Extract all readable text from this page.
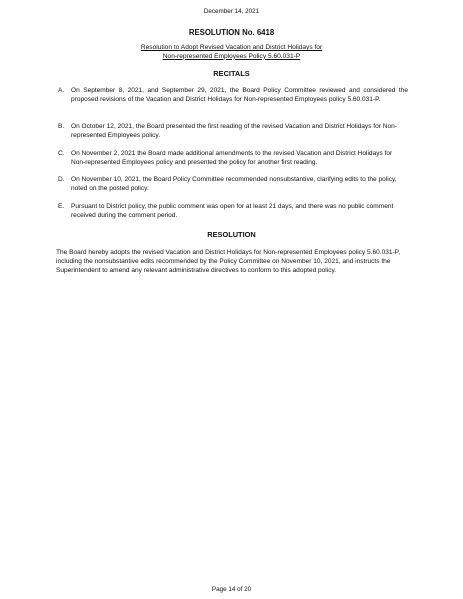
December 14, 2021
RESOLUTION No. 6418
Resolution to Adopt Revised Vacation and District Holidays for
Non-represented Employees Policy 5.60.031-P
RECITALS
A. On September 8, 2021, and September 29, 2021, the Board Policy Committee reviewed and considered the proposed revisions of the Vacation and District Holidays for Non-represented Employees policy 5.60.031-P.
B. On October 12, 2021, the Board presented the first reading of the revised Vacation and District Holidays for Non-represented Employees policy.
C. On November 2, 2021 the Board made additional amendments to the revised Vacation and District Holidays for Non-represented Employees policy and presented the policy for another first reading.
D. On November 10, 2021, the Board Policy Committee recommended nonsubstantive, clarifying edits to the policy, noted on the posted policy.
E. Pursuant to District policy, the public comment was open for at least 21 days, and there was no public comment received during the comment period.
RESOLUTION
The Board hereby adopts the revised Vacation and District Holidays for Non-represented Employees policy 5.60.031-P, including the nonsubstantive edits recommended by the Policy Committee on November 10, 2021, and instructs the Superintendent to amend any relevant administrative directives to conform to this adopted policy.
Page 14 of 20
